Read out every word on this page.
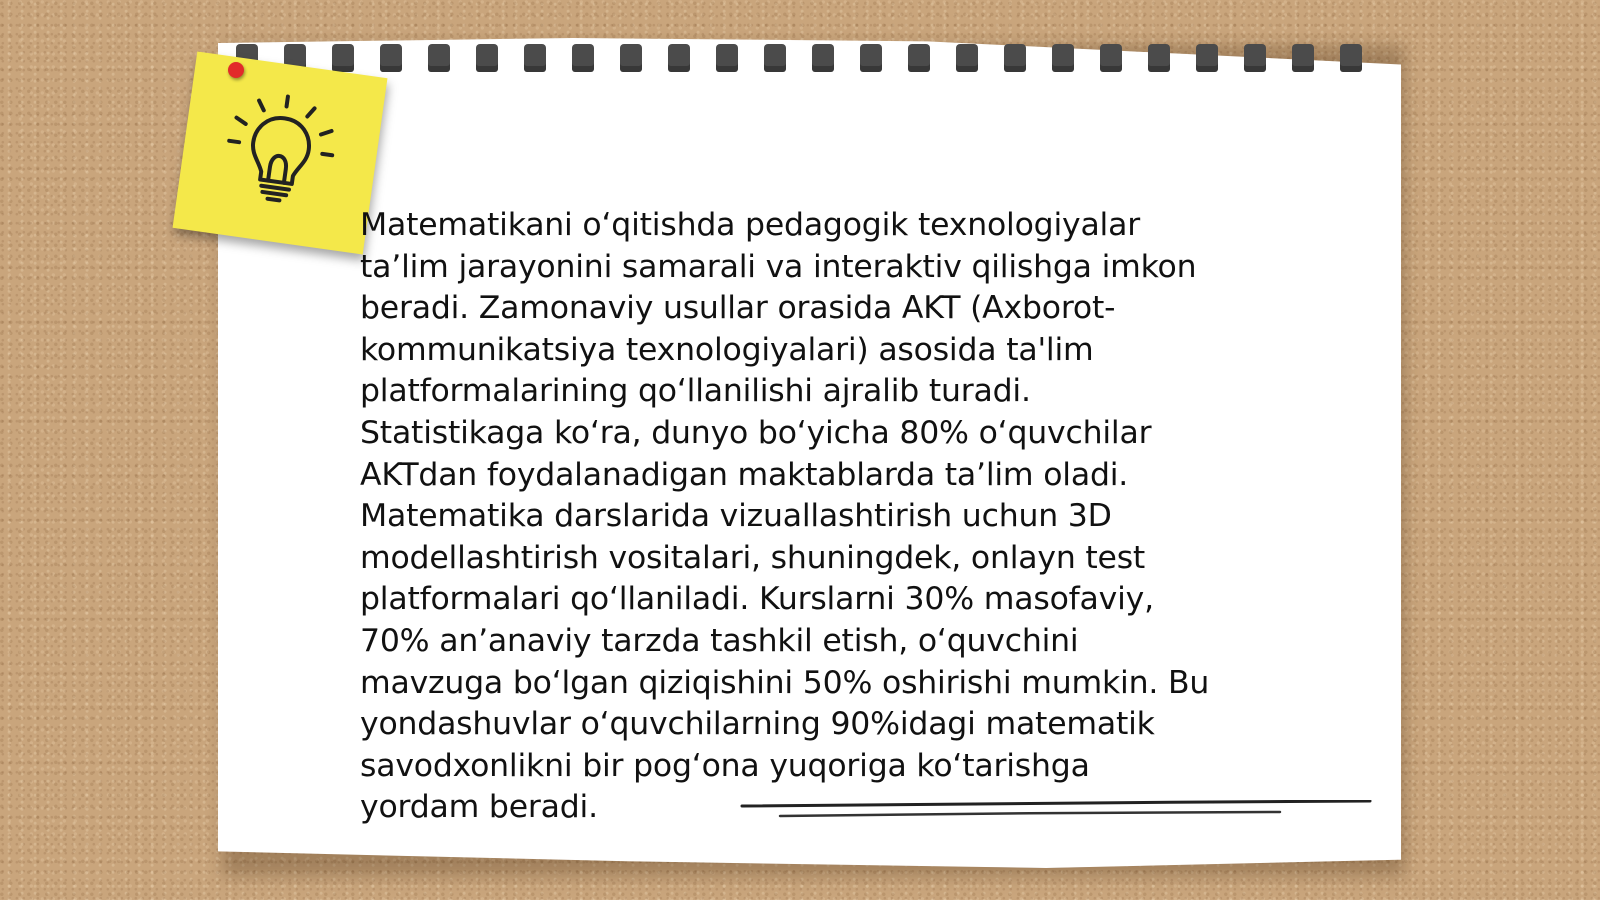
Matematikani o‘qitishda pedagogik texnologiyalar
ta’lim jarayonini samarali va interaktiv qilishga imkon
beradi. Zamonaviy usullar orasida AKT (Axborot-
kommunikatsiya texnologiyalari) asosida ta'lim
platformalarining qo‘llanilishi ajralib turadi.
Statistikaga ko‘ra, dunyo bo‘yicha 80% o‘quvchilar
AKTdan foydalanadigan maktablarda ta’lim oladi.
Matematika darslarida vizuallashtirish uchun 3D
modellashtirish vositalari, shuningdek, onlayn test
platformalari qo‘llaniladi. Kurslarni 30% masofaviy,
70% an’anaviy tarzda tashkil etish, o‘quvchini
mavzuga bo‘lgan qiziqishini 50% oshirishi mumkin. Bu
yondashuvlar o‘quvchilarning 90%idagi matematik
savodxonlikni bir pog‘ona yuqoriga ko‘tarishga
yordam beradi.
